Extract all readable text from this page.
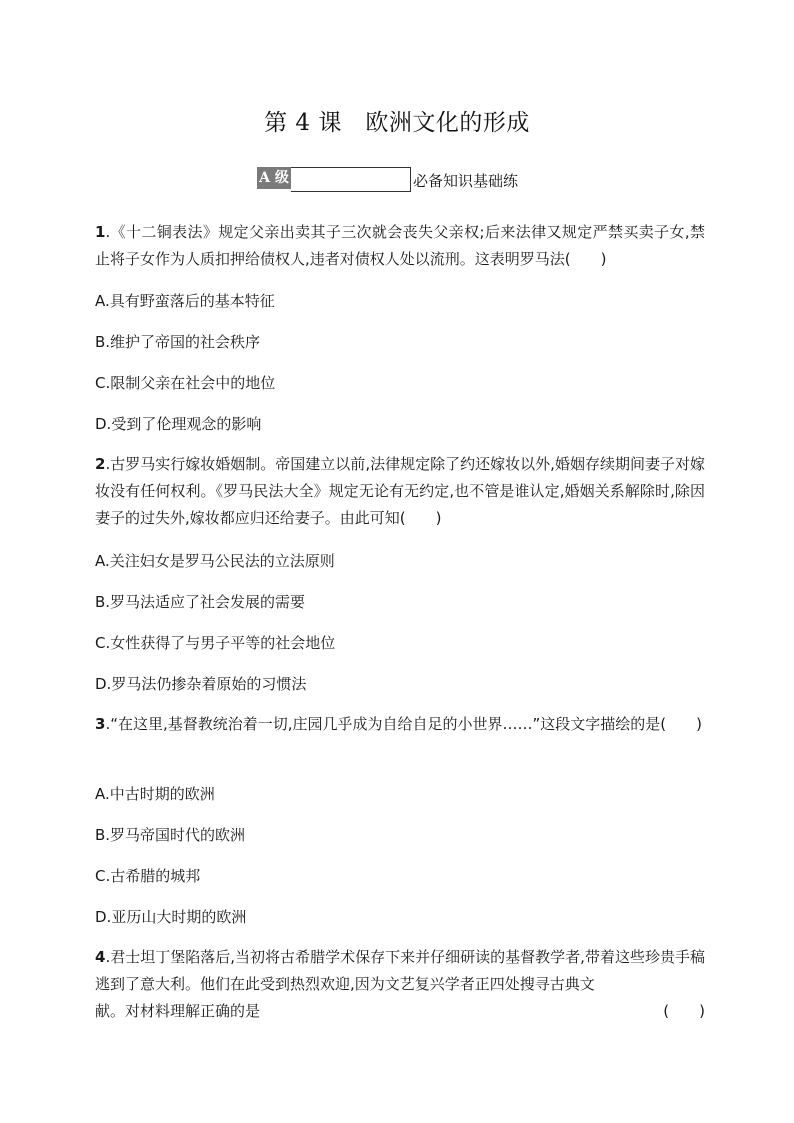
第 4 课　欧洲文化的形成
A 级	必备知识基础练

1.《十二铜表法》规定父亲出卖其子三次就会丧失父亲权;后来法律又规定严禁买卖子女,禁止将子女作为人质扣押给债权人,违者对债权人处以流刑。这表明罗马法(　　)

A.具有野蛮落后的基本特征
B.维护了帝国的社会秩序
C.限制父亲在社会中的地位
D.受到了伦理观念的影响

2.古罗马实行嫁妆婚姻制。帝国建立以前,法律规定除了约还嫁妆以外,婚姻存续期间妻子对嫁妆没有任何权利。《罗马民法大全》规定无论有无约定,也不管是谁认定,婚姻关系解除时,除因妻子的过失外,嫁妆都应归还给妻子。由此可知(　　)

A.关注妇女是罗马公民法的立法原则
B.罗马法适应了社会发展的需要
C.女性获得了与男子平等的社会地位
D.罗马法仍掺杂着原始的习惯法

3.“在这里,基督教统治着一切,庄园几乎成为自给自足的小世界……”这段文字描绘的是(　　)

A.中古时期的欧洲
B.罗马帝国时代的欧洲
C.古希腊的城邦
D.亚历山大时期的欧洲

4.君士坦丁堡陷落后,当初将古希腊学术保存下来并仔细研读的基督教学者,带着这些珍贵手稿逃到了意大利。他们在此受到热烈欢迎,因为文艺复兴学者正四处搜寻古典文

献。对材料理解正确的是	(　　)
